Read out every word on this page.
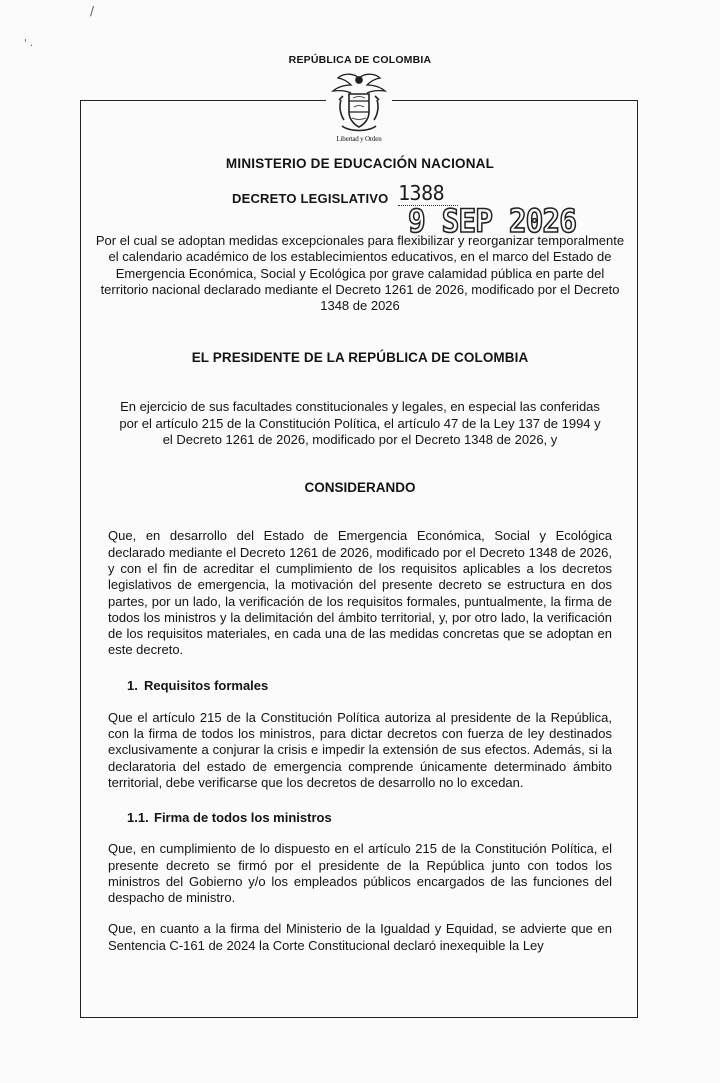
/
' .
REPÚBLICA DE COLOMBIA
Libertad y Orden
MINISTERIO DE EDUCACIÓN NACIONAL
DECRETO LEGISLATIVO 1388
9 SEP 2026
Por el cual se adoptan medidas excepcionales para flexibilizar y reorganizar temporalmente el calendario académico de los establecimientos educativos, en el marco del Estado de Emergencia Económica, Social y Ecológica por grave calamidad pública en parte del territorio nacional declarado mediante el Decreto 1261 de 2026, modificado por el Decreto 1348 de 2026
EL PRESIDENTE DE LA REPÚBLICA DE COLOMBIA
En ejercicio de sus facultades constitucionales y legales, en especial las conferidas por el artículo 215 de la Constitución Política, el artículo 47 de la Ley 137 de 1994 y el Decreto 1261 de 2026, modificado por el Decreto 1348 de 2026, y
CONSIDERANDO

Que, en desarrollo del Estado de Emergencia Económica, Social y Ecológica declarado mediante el Decreto 1261 de 2026, modificado por el Decreto 1348 de 2026, y con el fin de acreditar el cumplimiento de los requisitos aplicables a los decretos legislativos de emergencia, la motivación del presente decreto se estructura en dos partes, por un lado, la verificación de los requisitos formales, puntualmente, la firma de todos los ministros y la delimitación del ámbito territorial, y, por otro lado, la verificación de los requisitos materiales, en cada una de las medidas concretas que se adoptan en este decreto.

1. Requisitos formales

Que el artículo 215 de la Constitución Política autoriza al presidente de la República, con la firma de todos los ministros, para dictar decretos con fuerza de ley destinados exclusivamente a conjurar la crisis e impedir la extensión de sus efectos. Además, si la declaratoria del estado de emergencia comprende únicamente determinado ámbito territorial, debe verificarse que los decretos de desarrollo no lo excedan.

1.1. Firma de todos los ministros

Que, en cumplimiento de lo dispuesto en el artículo 215 de la Constitución Política, el presente decreto se firmó por el presidente de la República junto con todos los ministros del Gobierno y/o los empleados públicos encargados de las funciones del despacho de ministro.

Que, en cuanto a la firma del Ministerio de la Igualdad y Equidad, se advierte que en Sentencia C-161 de 2024 la Corte Constitucional declaró inexequible la Ley
